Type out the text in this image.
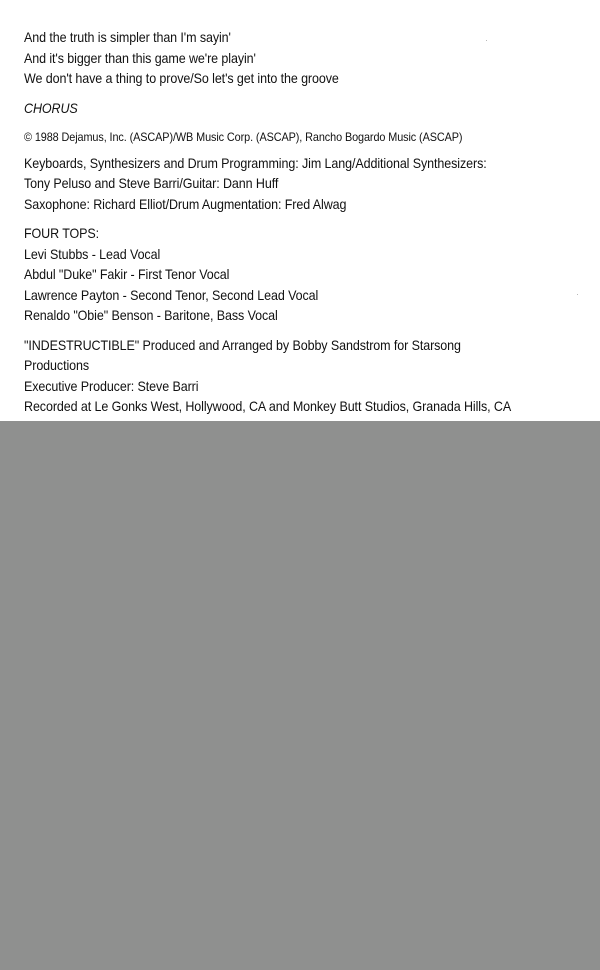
And the truth is simpler than I'm sayin'
And it's bigger than this game we're playin'
We don't have a thing to prove/So let's get into the groove
CHORUS
© 1988 Dejamus, Inc. (ASCAP)/WB Music Corp. (ASCAP), Rancho Bogardo Music (ASCAP)
Keyboards, Synthesizers and Drum Programming: Jim Lang/Additional Synthesizers:
Tony Peluso and Steve Barri/Guitar: Dann Huff
Saxophone: Richard Elliot/Drum Augmentation: Fred Alwag
FOUR TOPS:
Levi Stubbs - Lead Vocal
Abdul "Duke" Fakir - First Tenor Vocal
Lawrence Payton - Second Tenor, Second Lead Vocal
Renaldo "Obie" Benson - Baritone, Bass Vocal
"INDESTRUCTIBLE" Produced and Arranged by Bobby Sandstrom for Starsong
Productions
Executive Producer: Steve Barri
Recorded at Le Gonks West, Hollywood, CA and Monkey Butt Studios, Granada Hills, CA
